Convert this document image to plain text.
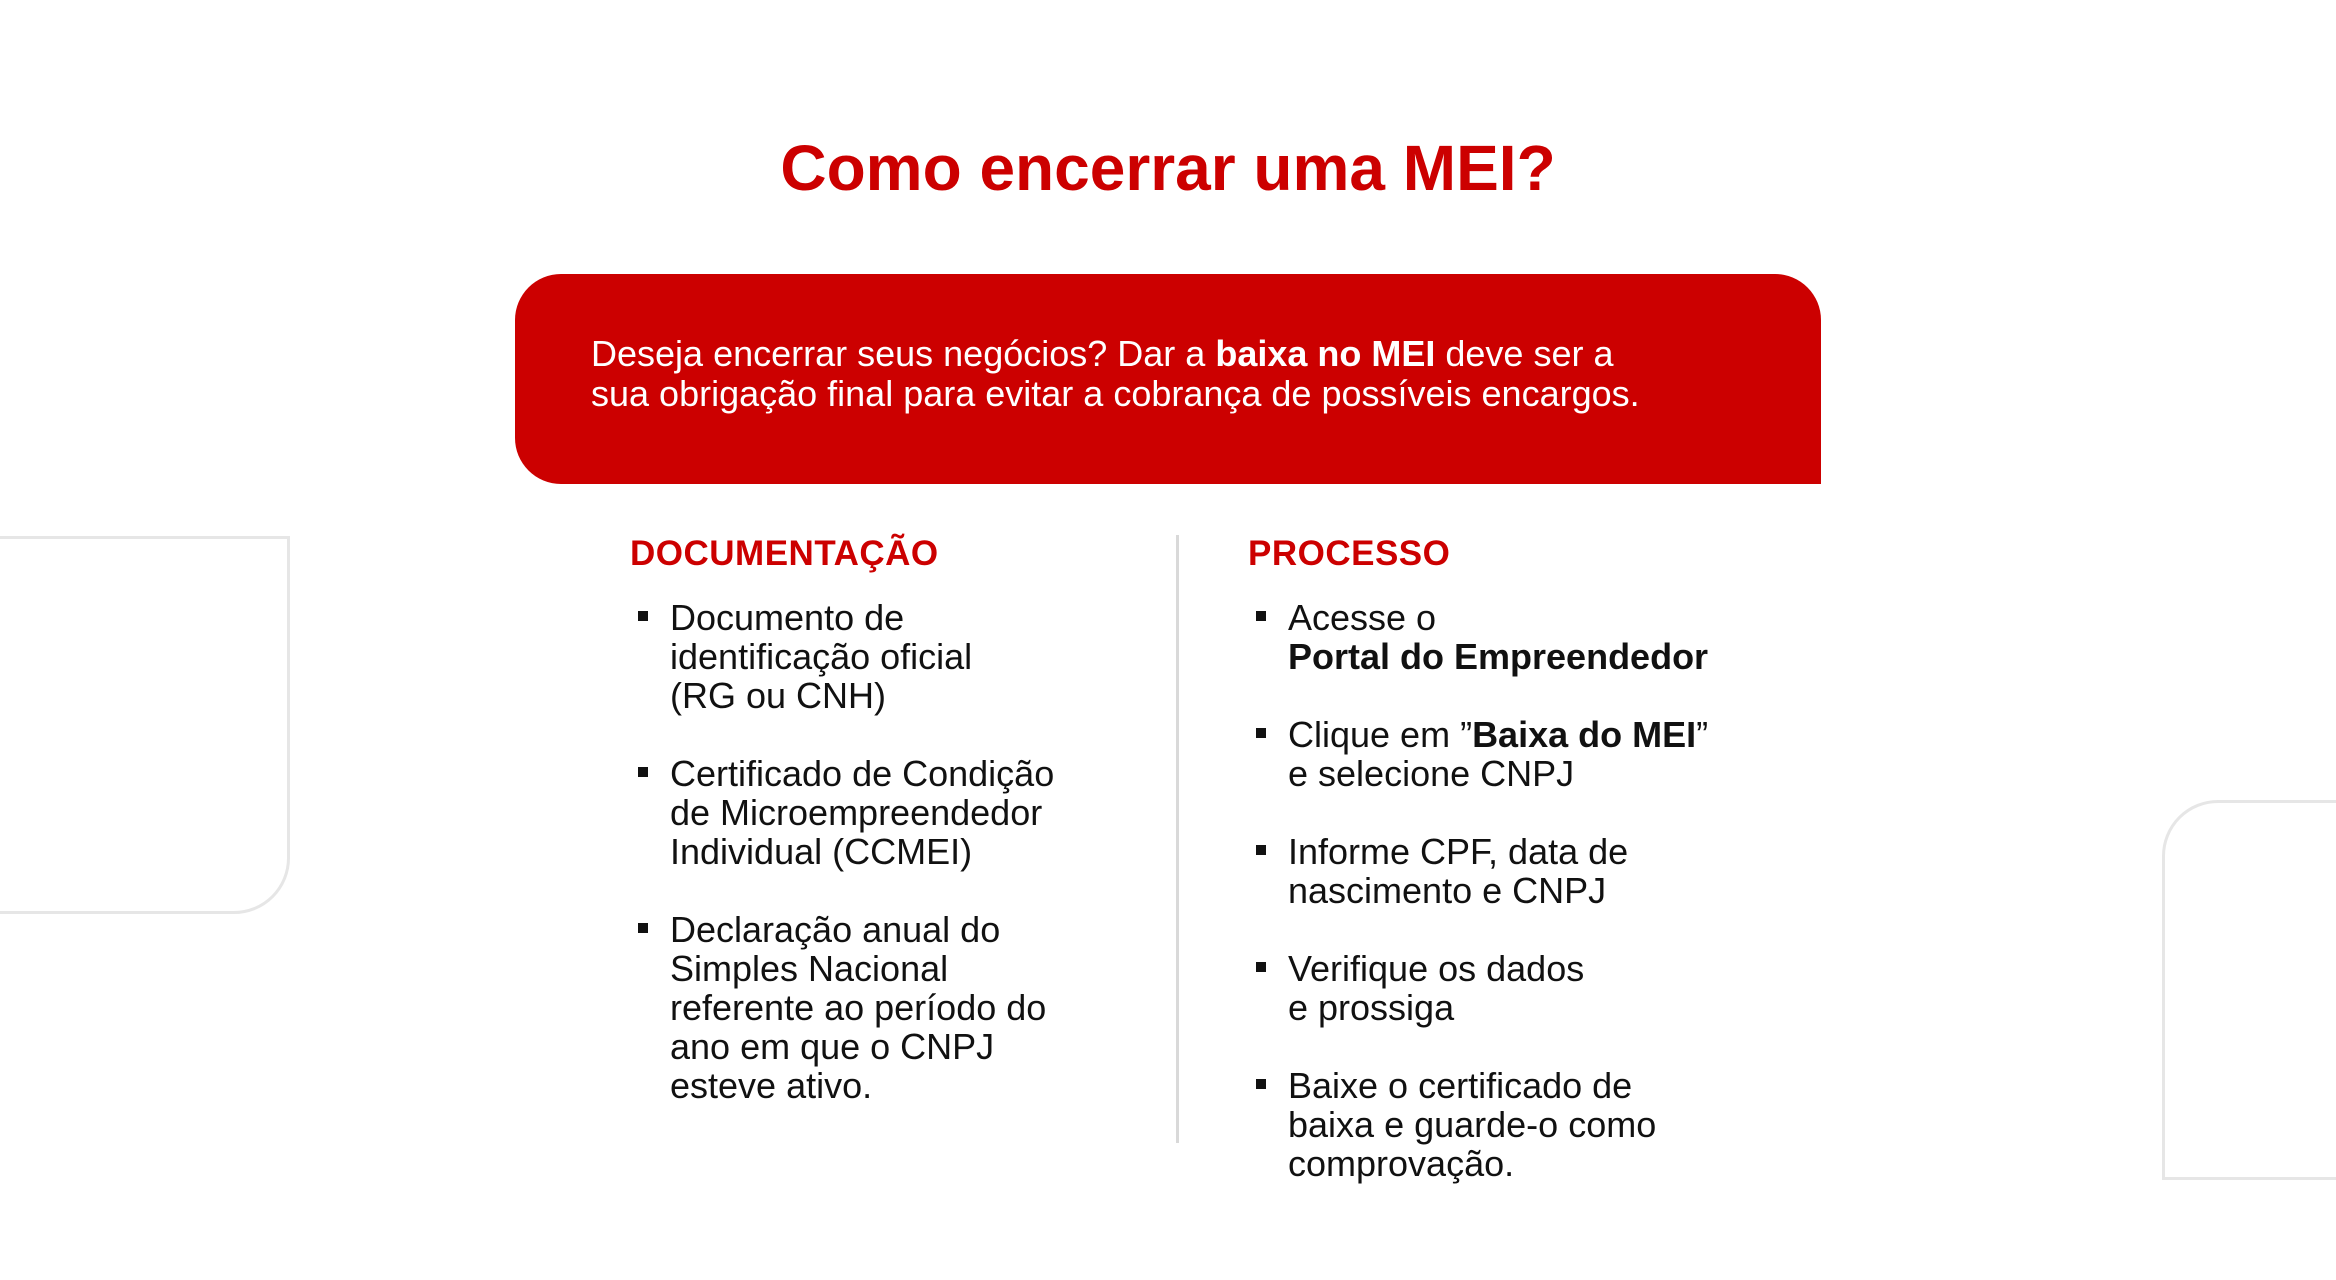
Como encerrar uma MEI?
Deseja encerrar seus negócios? Dar a baixa no MEI deve ser a
sua obrigação final para evitar a cobrança de possíveis encargos.
DOCUMENTAÇÃO
Documento de
identificação oficial
(RG ou CNH)
Certificado de Condição
de Microempreendedor
Individual (CCMEI)
Declaração anual do
Simples Nacional
referente ao período do
ano em que o CNPJ
esteve ativo.
PROCESSO
Acesse o
Portal do Empreendedor
Clique em ”Baixa do MEI”
e selecione CNPJ
Informe CPF, data de
nascimento e CNPJ
Verifique os dados
e prossiga
Baixe o certificado de
baixa e guarde-o como
comprovação.
